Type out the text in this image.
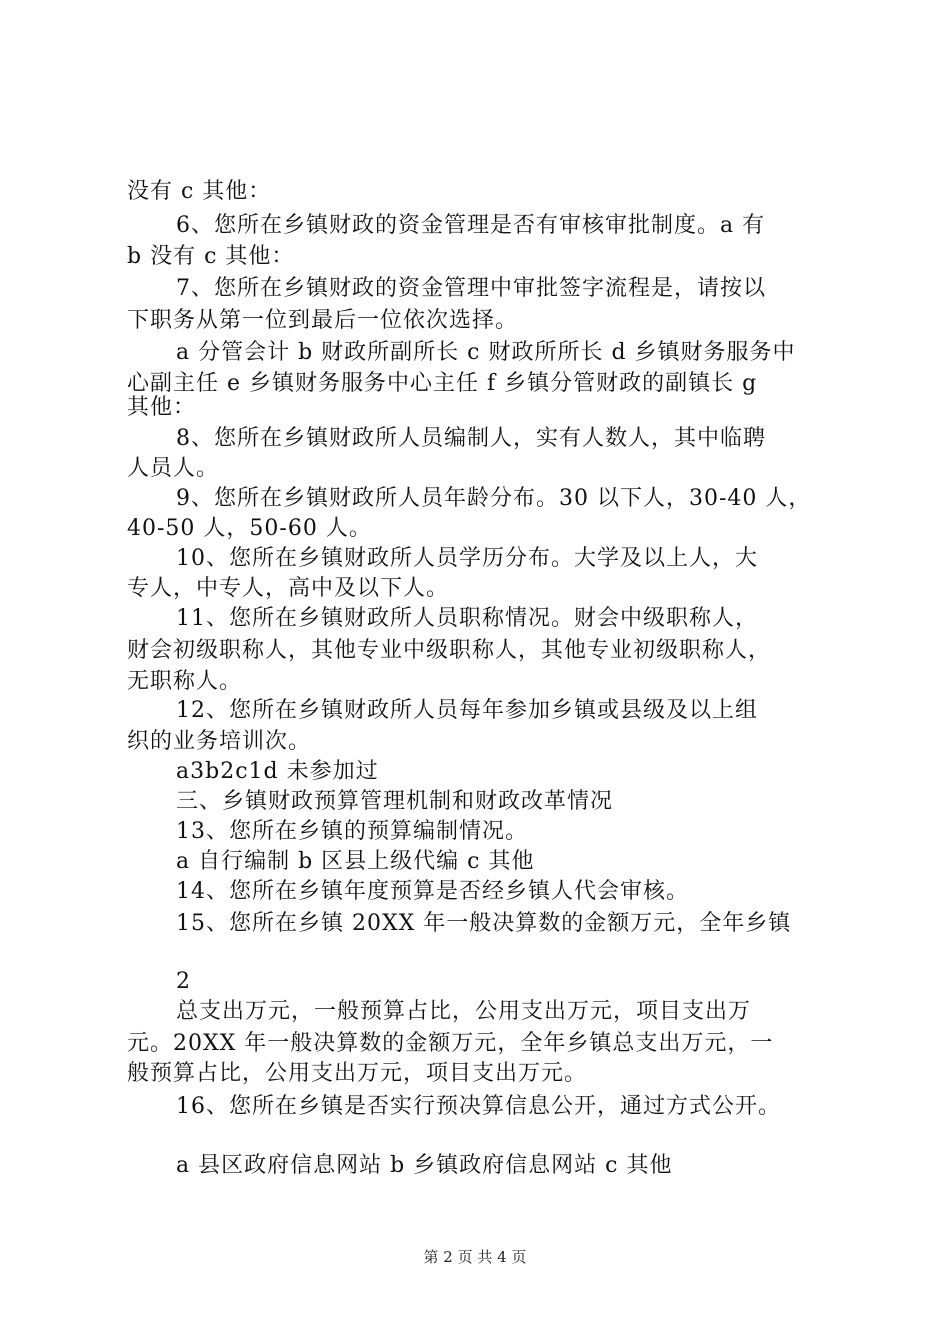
没有 c 其他：
6、您所在乡镇财政的资金管理是否有审核审批制度。a 有
b 没有 c 其他：
7、您所在乡镇财政的资金管理中审批签字流程是，请按以
下职务从第一位到最后一位依次选择。
a 分管会计 b 财政所副所长 c 财政所所长 d 乡镇财务服务中
心副主任 e 乡镇财务服务中心主任 f 乡镇分管财政的副镇长 g
其他：
8、您所在乡镇财政所人员编制人，实有人数人，其中临聘
人员人。
9、您所在乡镇财政所人员年龄分布。30 以下人，30-40 人，
40-50 人，50-60 人。
10、您所在乡镇财政所人员学历分布。大学及以上人，大
专人，中专人，高中及以下人。
11、您所在乡镇财政所人员职称情况。财会中级职称人，
财会初级职称人，其他专业中级职称人，其他专业初级职称人，
无职称人。
12、您所在乡镇财政所人员每年参加乡镇或县级及以上组
织的业务培训次。
a3b2c1d 未参加过
三、乡镇财政预算管理机制和财政改革情况
13、您所在乡镇的预算编制情况。
a 自行编制 b 区县上级代编 c 其他
14、您所在乡镇年度预算是否经乡镇人代会审核。
15、您所在乡镇 20XX 年一般决算数的金额万元，全年乡镇
2
总支出万元，一般预算占比，公用支出万元，项目支出万
元。20XX 年一般决算数的金额万元，全年乡镇总支出万元，一
般预算占比，公用支出万元，项目支出万元。
16、您所在乡镇是否实行预决算信息公开，通过方式公开。
a 县区政府信息网站 b 乡镇政府信息网站 c 其他
第 2 页 共 4 页
